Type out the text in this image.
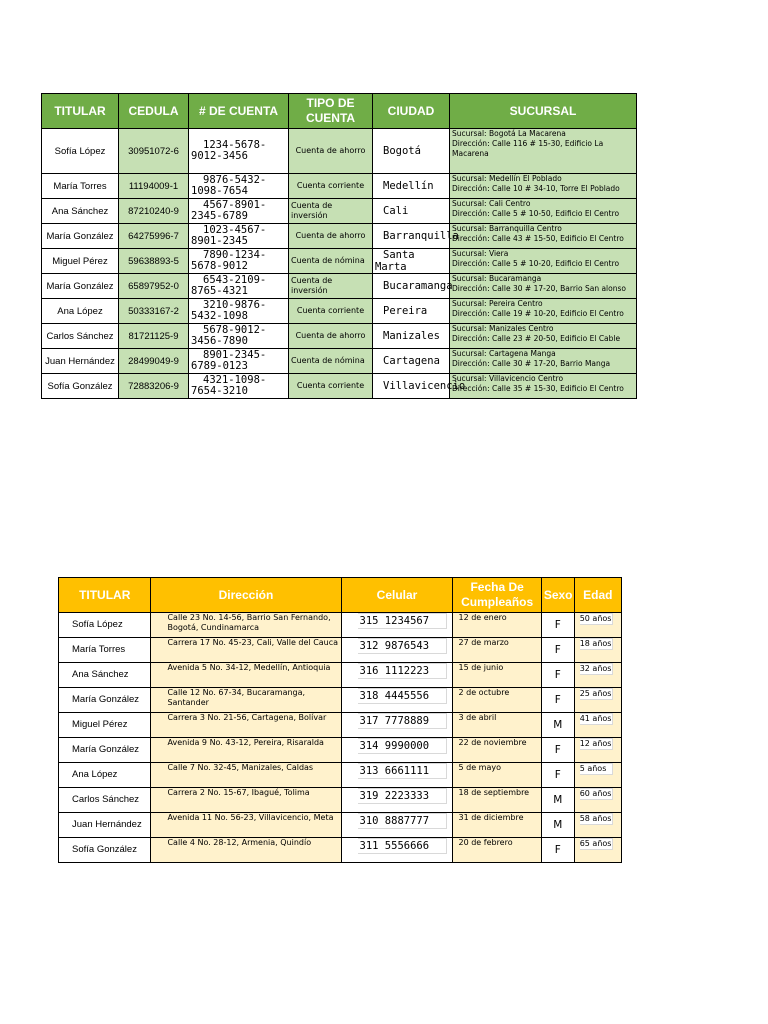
TITULAR	CEDULA	# DE CUENTA	TIPO DE CUENTA	CIUDAD	SUCURSAL
Sofía López	30951072-6	1234-5678-9012-3456	Cuenta de ahorro	Bogotá	Sucursal: Bogotá La Macarena
Dirección: Calle 116 # 15-30, Edificio La Macarena

María Torres	11194009-1	9876-5432-1098-7654	Cuenta corriente	Medellín	Sucursal: Medellín El Poblado
Dirección: Calle 10 # 34-10, Torre El Poblado

Ana Sánchez	87210240-9	4567-8901-2345-6789	Cuenta de inversión	Cali	Sucursal: Cali Centro
Dirección: Calle 5 # 10-50, Edificio El Centro

María González	64275996-7	1023-4567-8901-2345	Cuenta de ahorro	Barranquilla	Sucursal: Barranquilla Centro
Dirección: Calle 43 # 15-50, Edificio El Centro

Miguel Pérez	59638893-5	7890-1234-5678-9012	Cuenta de nómina	Santa Marta	Sucursal: Viera
Dirección: Calle 5 # 10-20, Edificio El Centro

María González	65897952-0	6543-2109-8765-4321	Cuenta de inversión	Bucaramanga	Sucursal: Bucaramanga
Dirección: Calle 30 # 17-20, Barrio San alonso

Ana López	50333167-2	3210-9876-5432-1098	Cuenta corriente	Pereira	Sucursal: Pereira Centro
Dirección: Calle 19 # 10-20, Edificio El Centro

Carlos Sánchez	81721125-9	5678-9012-3456-7890	Cuenta de ahorro	Manizales	Sucursal: Manizales Centro
Dirección: Calle 23 # 20-50, Edificio El Cable

Juan Hernández	28499049-9	8901-2345-6789-0123	Cuenta de nómina	Cartagena	Sucursal: Cartagena Manga
Dirección: Calle 30 # 17-20, Barrio Manga

Sofía González	72883206-9	4321-1098-7654-3210	Cuenta corriente	Villavicencio	Sucursal: Villavicencio Centro
Dirección: Calle 35 # 15-30, Edificio El Centro
TITULAR	Dirección	Celular	Fecha De Cumpleaños	Sexo	Edad
Sofía López	Calle 23 No. 14-56, Barrio San Fernando, Bogotá, Cundinamarca	315 1234567	12 de enero	F	50 años
María Torres	Carrera 17 No. 45-23, Cali, Valle del Cauca	312 9876543	27 de marzo	F	18 años
Ana Sánchez	Avenida 5 No. 34-12, Medellín, Antioquia	316 1112223	15 de junio	F	32 años
María González	Calle 12 No. 67-34, Bucaramanga, Santander	318 4445556	2 de octubre	F	25 años
Miguel Pérez	Carrera 3 No. 21-56, Cartagena, Bolívar	317 7778889	3 de abril	M	41 años
María González	Avenida 9 No. 43-12, Pereira, Risaralda	314 9990000	22 de noviembre	F	12 años
Ana López	Calle 7 No. 32-45, Manizales, Caldas	313 6661111	5 de mayo	F	5 años
Carlos Sánchez	Carrera 2 No. 15-67, Ibagué, Tolima	319 2223333	18 de septiembre	M	60 años
Juan Hernández	Avenida 11 No. 56-23, Villavicencio, Meta	310 8887777	31 de diciembre	M	58 años
Sofía González	Calle 4 No. 28-12, Armenia, Quindío	311 5556666	20 de febrero	F	65 años
